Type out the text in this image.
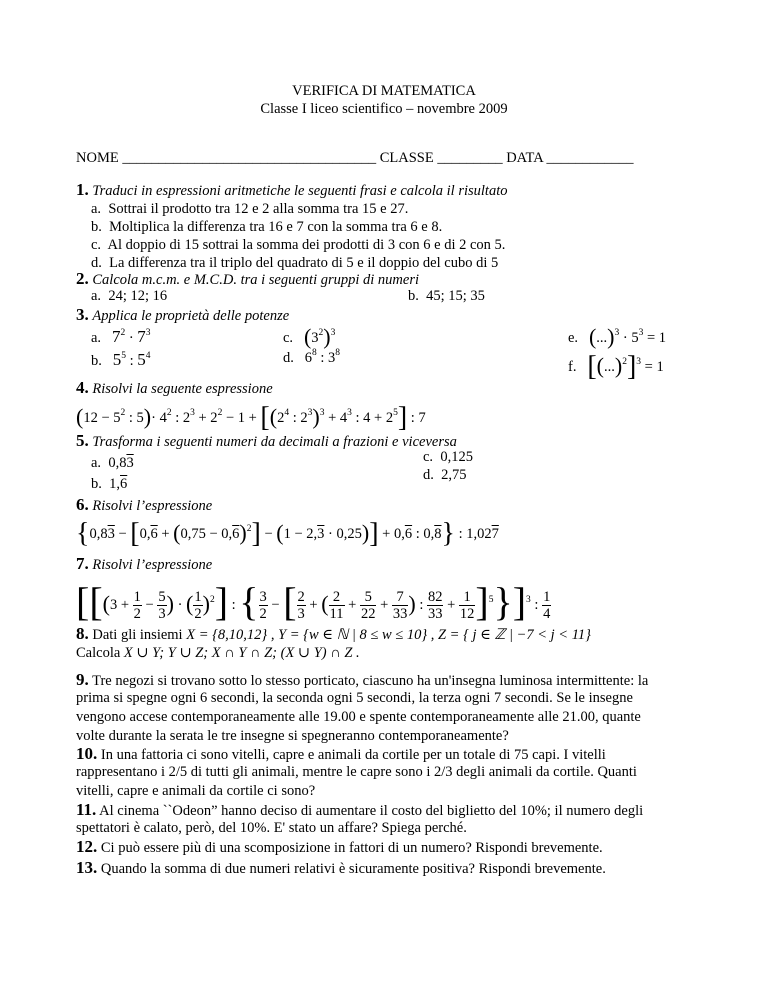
VERIFICA DI MATEMATICA
Classe I liceo scientifico – novembre 2009
NOME ___________________________________ CLASSE _________ DATA ____________
1. Traduci in espressioni aritmetiche le seguenti frasi e calcola il risultato
a. Sottrai il prodotto tra 12 e 2 alla somma tra 15 e 27.
b. Moltiplica la differenza tra 16 e 7 con la somma tra 6 e 8.
c. Al doppio di 15 sottrai la somma dei prodotti di 3 con 6 e di 2 con 5.
d. La differenza tra il triplo del quadrato di 5 e il doppio del cubo di 5
2. Calcola m.c.m. e M.C.D. tra i seguenti gruppi di numeri
a. 24; 12; 16	b. 45; 15; 35
3. Applica le proprietà delle potenze
a. $7^2 \cdot 7^3$
b. $5^5$ : $5^4$
c. $(3^2)^3$
d. $6^8$ : $3^8$
e. $(...)^3 \cdot 5^3 = 1$
f. $[(...)^2]^3 = 1$
4. Risolvi la seguente espressione
($12 - 5^2$ : $5)\cdot 4^2$ : $2^3 + 2^2 - 1 + [(2^4$ : $2^3)^3 + 4^3$ : $4 + 2^5$] : 7
5. Trasforma i seguenti numeri da decimali a frazioni e viceversa
a. 0,83
b. 1,6
c. 0,125
d. 2,75
6. Risolvi l’espressione
$\{0,83 - [0,6 + (0,75 - 0,6)^2] - (1 - 2,3 \cdot 0,25)] + 0,6$ : 0,8} : 1,027
7. Risolvi l’espressione
[[($3 + \frac{1}{2} - \frac{5}{3}$ ) · ( $\frac{1}{2} )^2$] : { $\frac{3}{2}$ − [ $\frac{2}{3}$ + ( $\frac{2}{11} + \frac{5}{22} + \frac{7}{33}$ ) : $\frac{82}{33} + \frac{1}{12} ]^5\}]^3$ : $\frac{1}{4}$
8. Dati gli insiemi X = {8,10,12} , Y = {w ∈ ℕ | 8 ≤ w ≤ 10} , Z = { j ∈ ℤ | −7 < j < 11}
Calcola X ∪ Y; Y ∪ Z; X ∩ Y ∩ Z; (X ∪ Y) ∩ Z .
9. Tre negozi si trovano sotto lo stesso porticato, ciascuno ha un'insegna luminosa intermittente: la
prima si spegne ogni 6 secondi, la seconda ogni 5 secondi, la terza ogni 7 secondi. Se le insegne
vengono accese contemporaneamente alle 19.00 e spente contemporaneamente alle 21.00, quante
volte durante la serata le tre insegne si spegneranno contemporaneamente?
10. In una fattoria ci sono vitelli, capre e animali da cortile per un totale di 75 capi. I vitelli
rappresentano i 2/5 di tutti gli animali, mentre le capre sono i 2/3 degli animali da cortile. Quanti
vitelli, capre e animali da cortile ci sono?
11. Al cinema ``Odeon” hanno deciso di aumentare il costo del biglietto del 10%; il numero degli
spettatori è calato, però, del 10%. E' stato un affare? Spiega perché.
12. Ci può essere più di una scomposizione in fattori di un numero? Rispondi brevemente.
13. Quando la somma di due numeri relativi è sicuramente positiva? Rispondi brevemente.
